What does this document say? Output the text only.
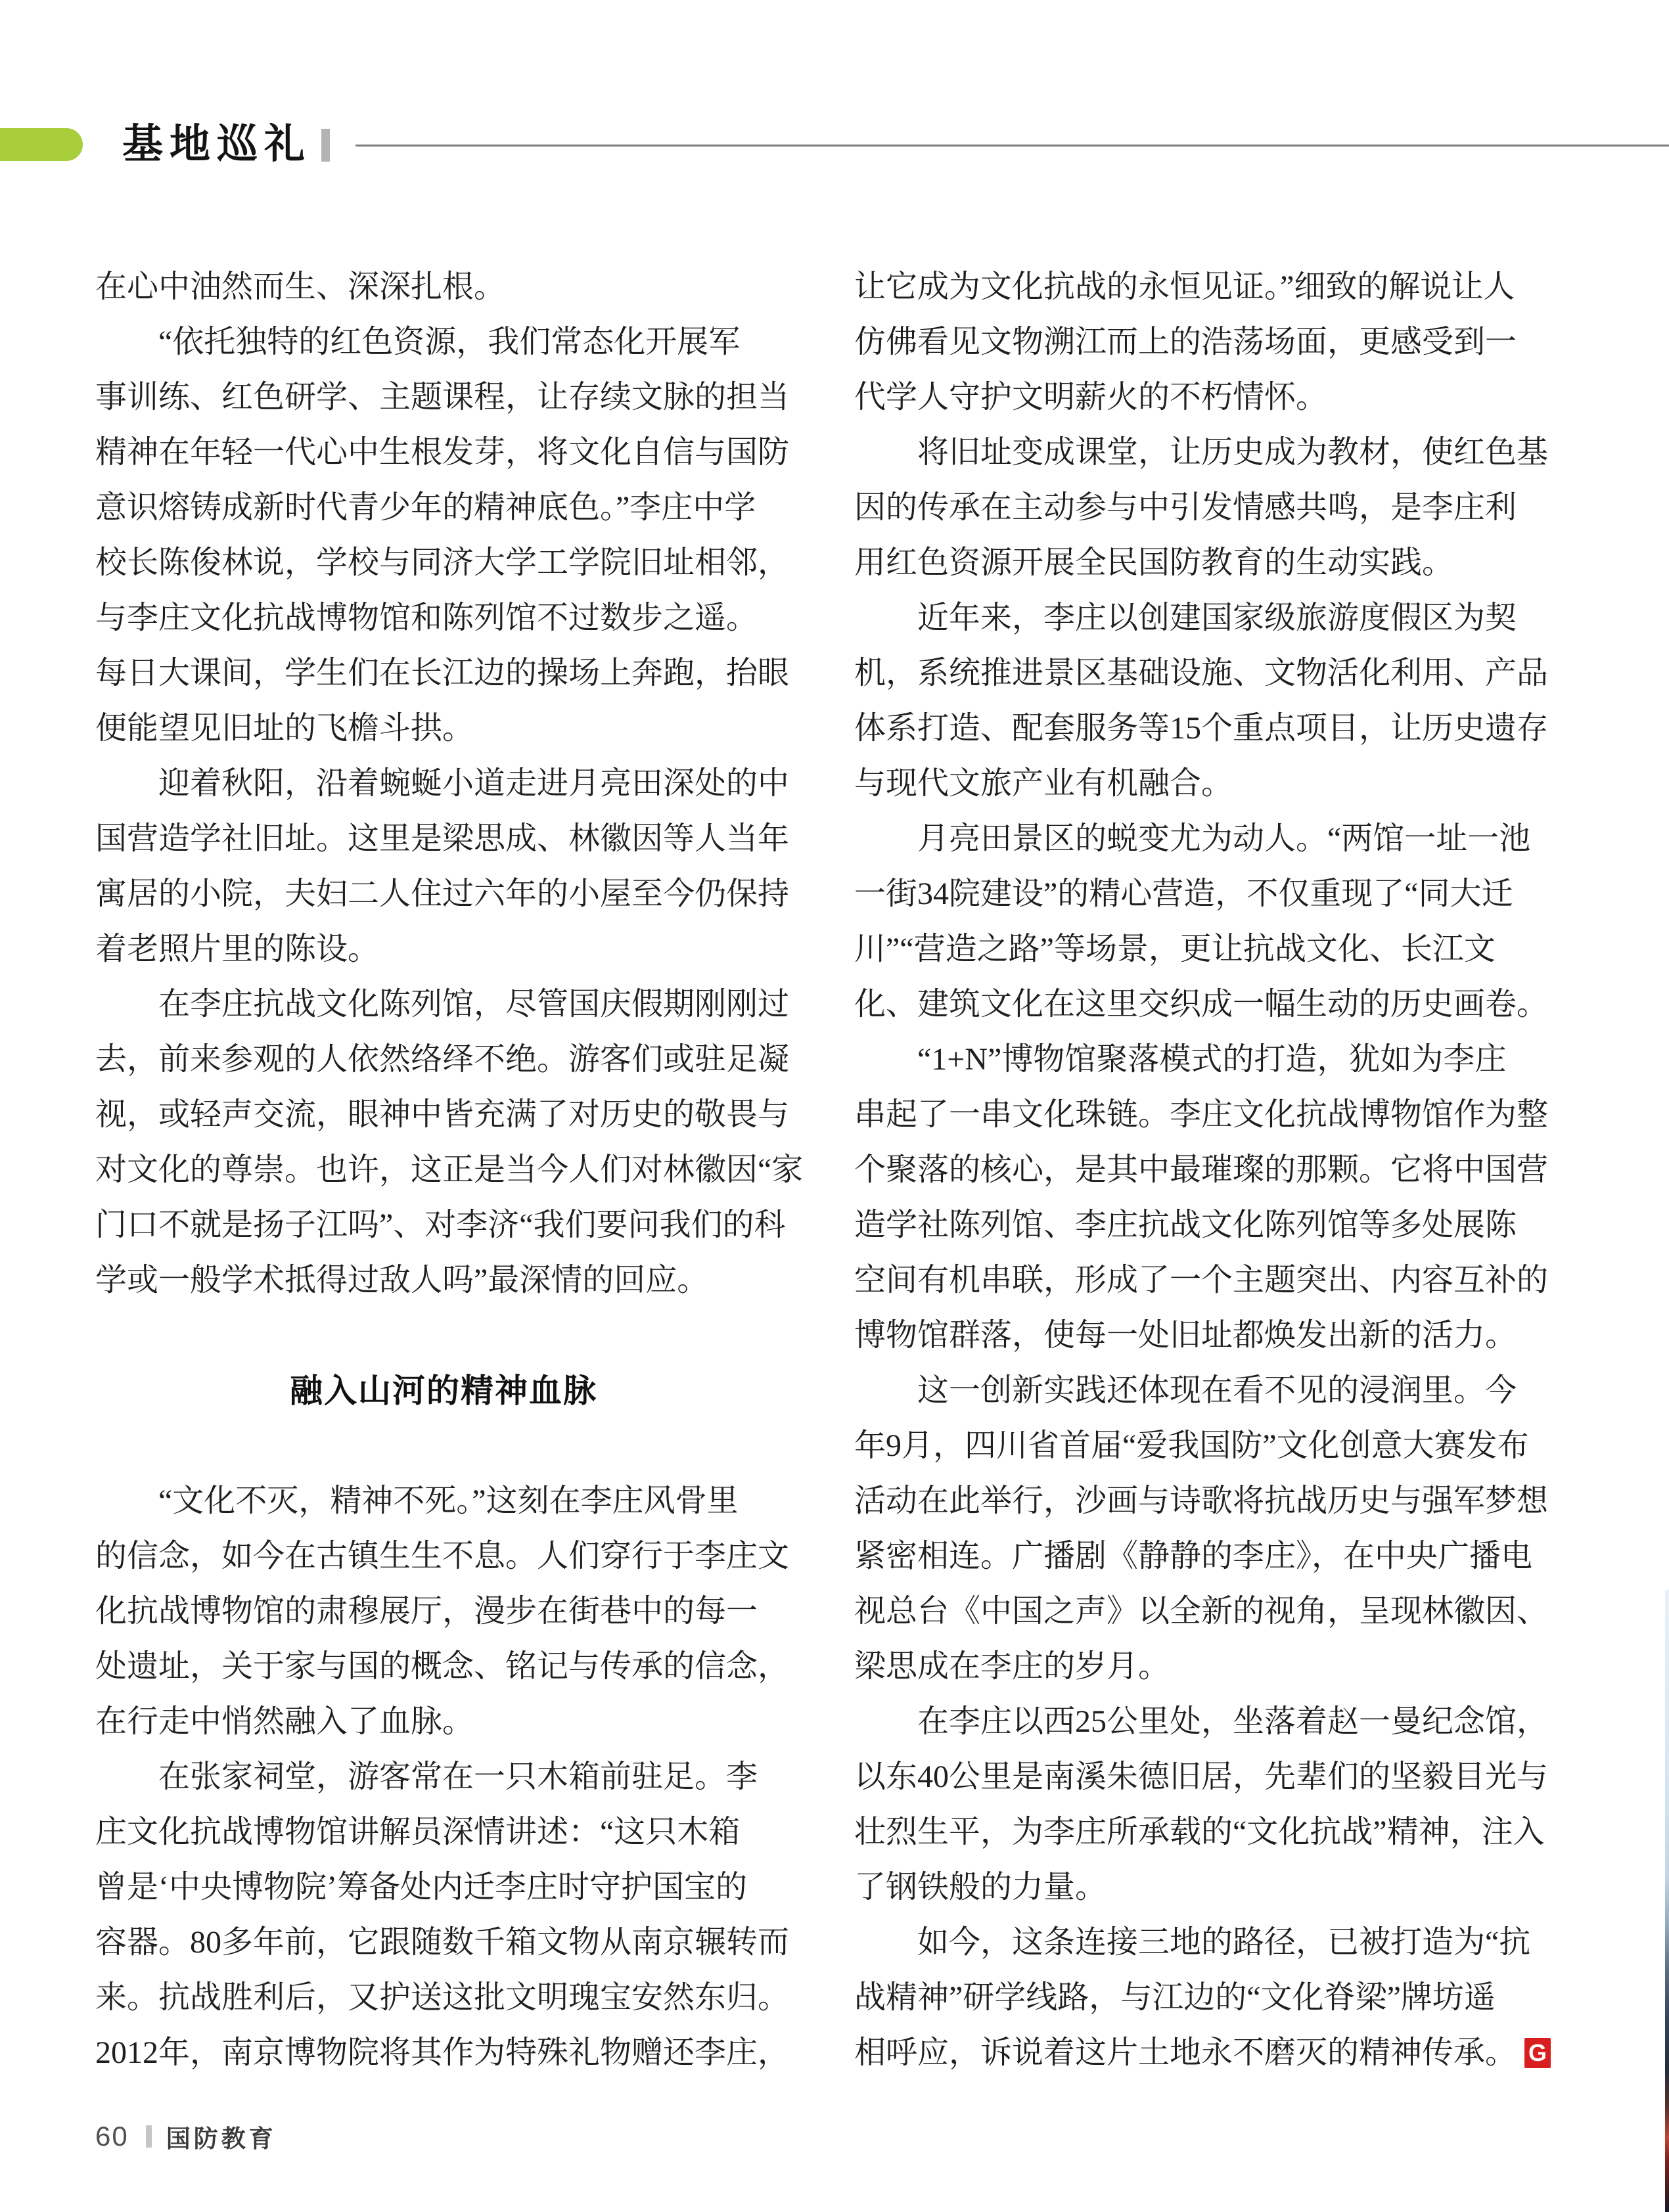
基地巡礼
在心中油然而生、深深扎根。
“依托独特的红色资源，我们常态化开展军
事训练、红色研学、主题课程，让存续文脉的担当
精神在年轻一代心中生根发芽，将文化自信与国防
意识熔铸成新时代青少年的精神底色。”李庄中学
校长陈俊林说，学校与同济大学工学院旧址相邻，
与李庄文化抗战博物馆和陈列馆不过数步之遥。
每日大课间，学生们在长江边的操场上奔跑，抬眼
便能望见旧址的飞檐斗拱。
迎着秋阳，沿着蜿蜒小道走进月亮田深处的中
国营造学社旧址。这里是梁思成、林徽因等人当年
寓居的小院，夫妇二人住过六年的小屋至今仍保持
着老照片里的陈设。
在李庄抗战文化陈列馆，尽管国庆假期刚刚过
去，前来参观的人依然络绎不绝。游客们或驻足凝
视，或轻声交流，眼神中皆充满了对历史的敬畏与
对文化的尊崇。也许，这正是当今人们对林徽因“家
门口不就是扬子江吗”、对李济“我们要问我们的科
学或一般学术抵得过敌人吗”最深情的回应。
融入山河的精神血脉
“文化不灭，精神不死。”这刻在李庄风骨里
的信念，如今在古镇生生不息。人们穿行于李庄文
化抗战博物馆的肃穆展厅，漫步在街巷中的每一
处遗址，关于家与国的概念、铭记与传承的信念，
在行走中悄然融入了血脉。
在张家祠堂，游客常在一只木箱前驻足。李
庄文化抗战博物馆讲解员深情讲述：“这只木箱
曾是‘中央博物院’筹备处内迁李庄时守护国宝的
容器。80多年前，它跟随数千箱文物从南京辗转而
来。抗战胜利后，又护送这批文明瑰宝安然东归。
2012年，南京博物院将其作为特殊礼物赠还李庄，
让它成为文化抗战的永恒见证。”细致的解说让人
仿佛看见文物溯江而上的浩荡场面，更感受到一
代学人守护文明薪火的不朽情怀。
将旧址变成课堂，让历史成为教材，使红色基
因的传承在主动参与中引发情感共鸣，是李庄利
用红色资源开展全民国防教育的生动实践。
近年来，李庄以创建国家级旅游度假区为契
机，系统推进景区基础设施、文物活化利用、产品
体系打造、配套服务等15个重点项目，让历史遗存
与现代文旅产业有机融合。
月亮田景区的蜕变尤为动人。“两馆一址一池
一街34院建设”的精心营造，不仅重现了“同大迁
川”“营造之路”等场景，更让抗战文化、长江文
化、建筑文化在这里交织成一幅生动的历史画卷。
“1+N”博物馆聚落模式的打造，犹如为李庄
串起了一串文化珠链。李庄文化抗战博物馆作为整
个聚落的核心，是其中最璀璨的那颗。它将中国营
造学社陈列馆、李庄抗战文化陈列馆等多处展陈
空间有机串联，形成了一个主题突出、内容互补的
博物馆群落，使每一处旧址都焕发出新的活力。
这一创新实践还体现在看不见的浸润里。今
年9月，四川省首届“爱我国防”文化创意大赛发布
活动在此举行，沙画与诗歌将抗战历史与强军梦想
紧密相连。广播剧《静静的李庄》，在中央广播电
视总台《中国之声》以全新的视角，呈现林徽因、
梁思成在李庄的岁月。
在李庄以西25公里处，坐落着赵一曼纪念馆，
以东40公里是南溪朱德旧居，先辈们的坚毅目光与
壮烈生平，为李庄所承载的“文化抗战”精神，注入
了钢铁般的力量。
如今，这条连接三地的路径，已被打造为“抗
战精神”研学线路，与江边的“文化脊梁”牌坊遥
相呼应，诉说着这片土地永不磨灭的精神传承。 G
60 国防教育
